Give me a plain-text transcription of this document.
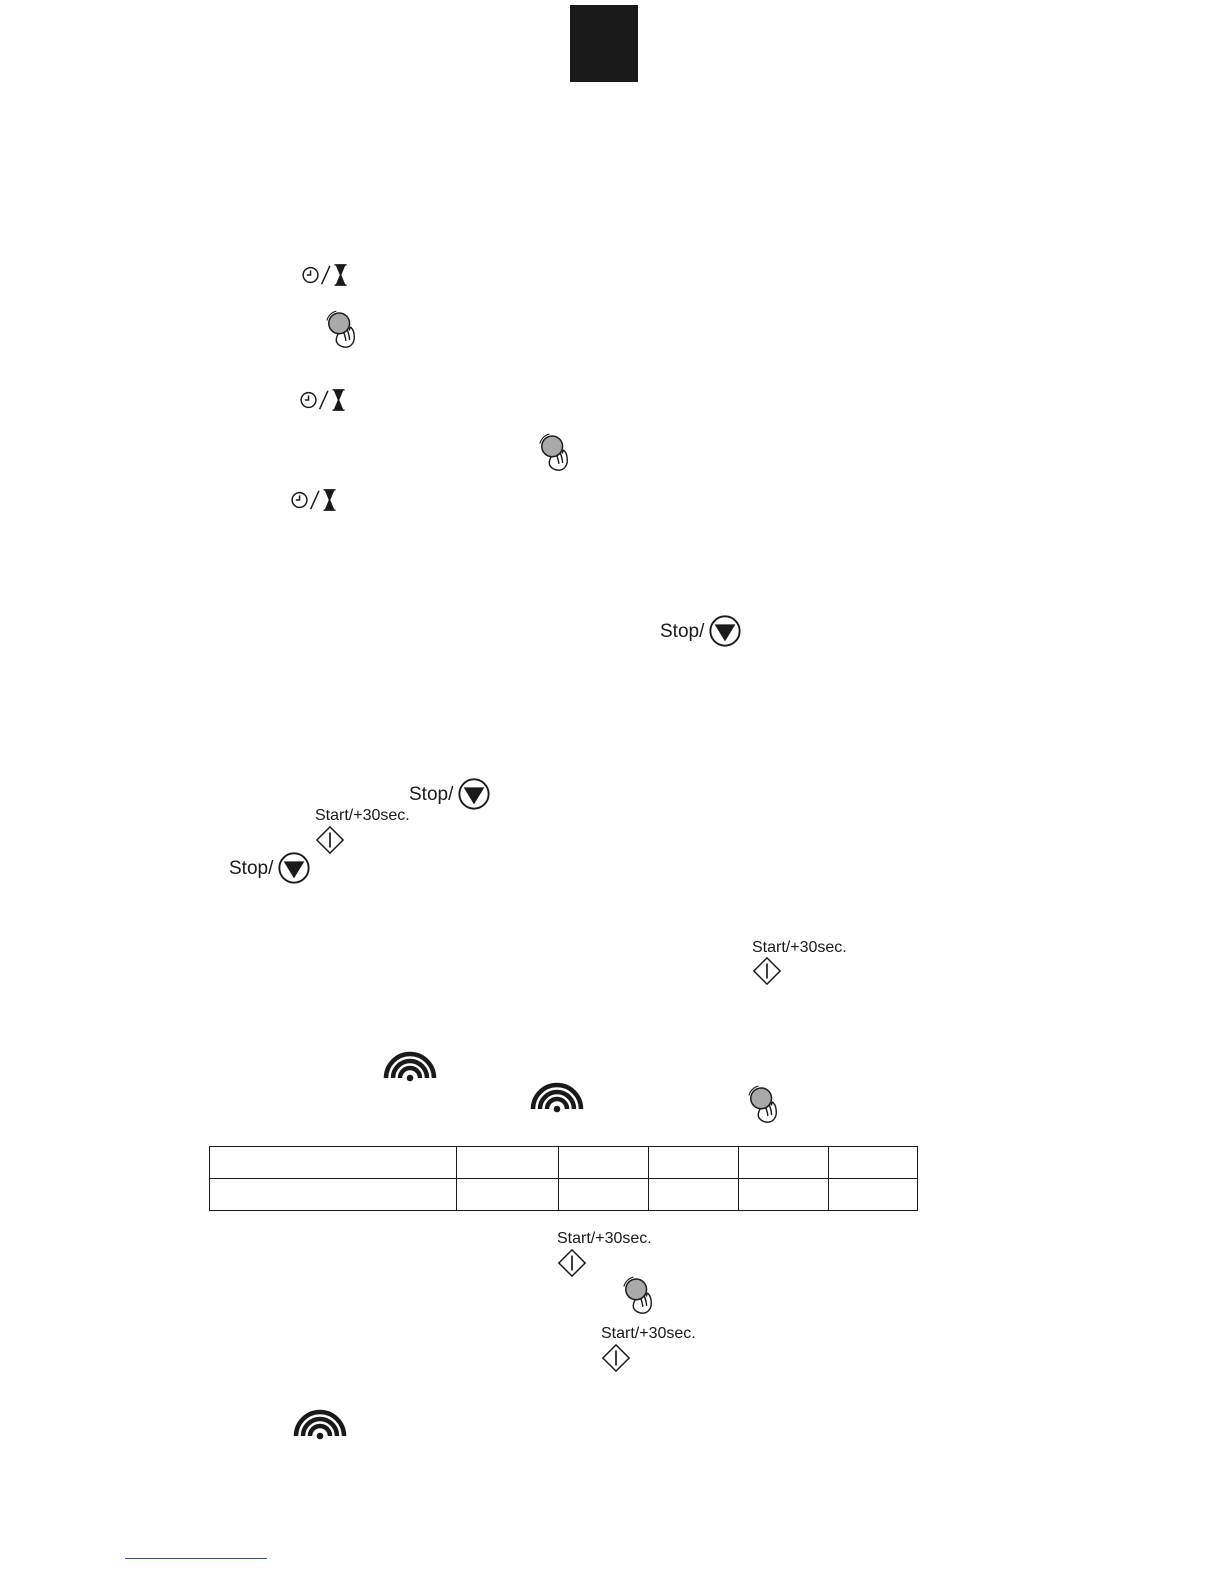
Stop/
Stop/
Stop/
Start/+30sec.
Start/+30sec.
Start/+30sec.
Start/+30sec.
